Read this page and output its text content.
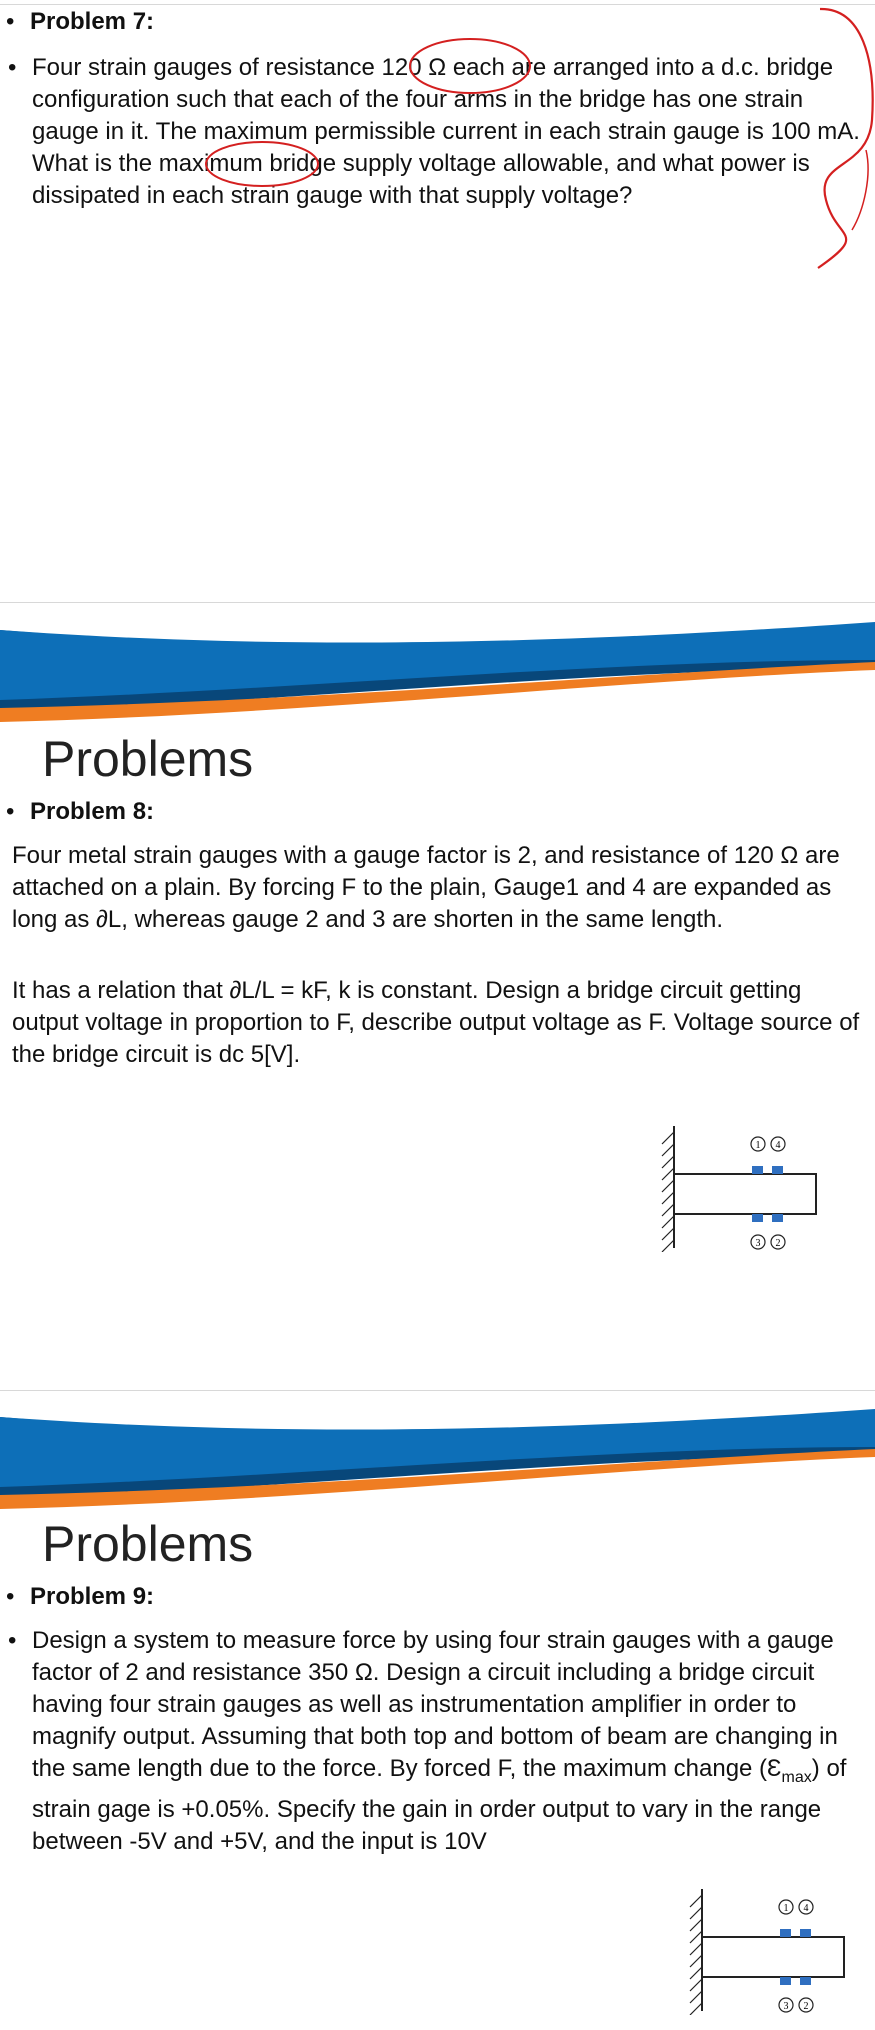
• Problem 7:
• Four strain gauges of resistance 120 Ω each are arranged into a d.c. bridge configuration such that each of the four arms in the bridge has one strain gauge in it. The maximum permissible current in each strain gauge is 100 mA. What is the maximum bridge supply voltage allowable, and what power is dissipated in each strain gauge with that supply voltage?
Problems
• Problem 8:
Four metal strain gauges with a gauge factor is 2, and resistance of 120 Ω are attached on a plain. By forcing F to the plain, Gauge1 and 4 are expanded as long as ∂L, whereas gauge 2 and 3 are shorten in the same length.
It has a relation that ∂L/L = kF, k is constant. Design a bridge circuit getting output voltage in proportion to F, describe output voltage as F. Voltage source of the bridge circuit is dc 5[V].
1 4
3 2
Problems
• Problem 9:
• Design a system to measure force by using four strain gauges with a gauge factor of 2 and resistance 350 Ω. Design a circuit including a bridge circuit having four strain gauges as well as instrumentation amplifier in order to magnify output. Assuming that both top and bottom of beam are changing in the same length due to the force. By forced F, the maximum change $(Ɛ_{max})$ of strain gage is +0.05%. Specify the gain in order output to vary in the range between -5V and +5V, and the input is 10V
1 4
3 2
